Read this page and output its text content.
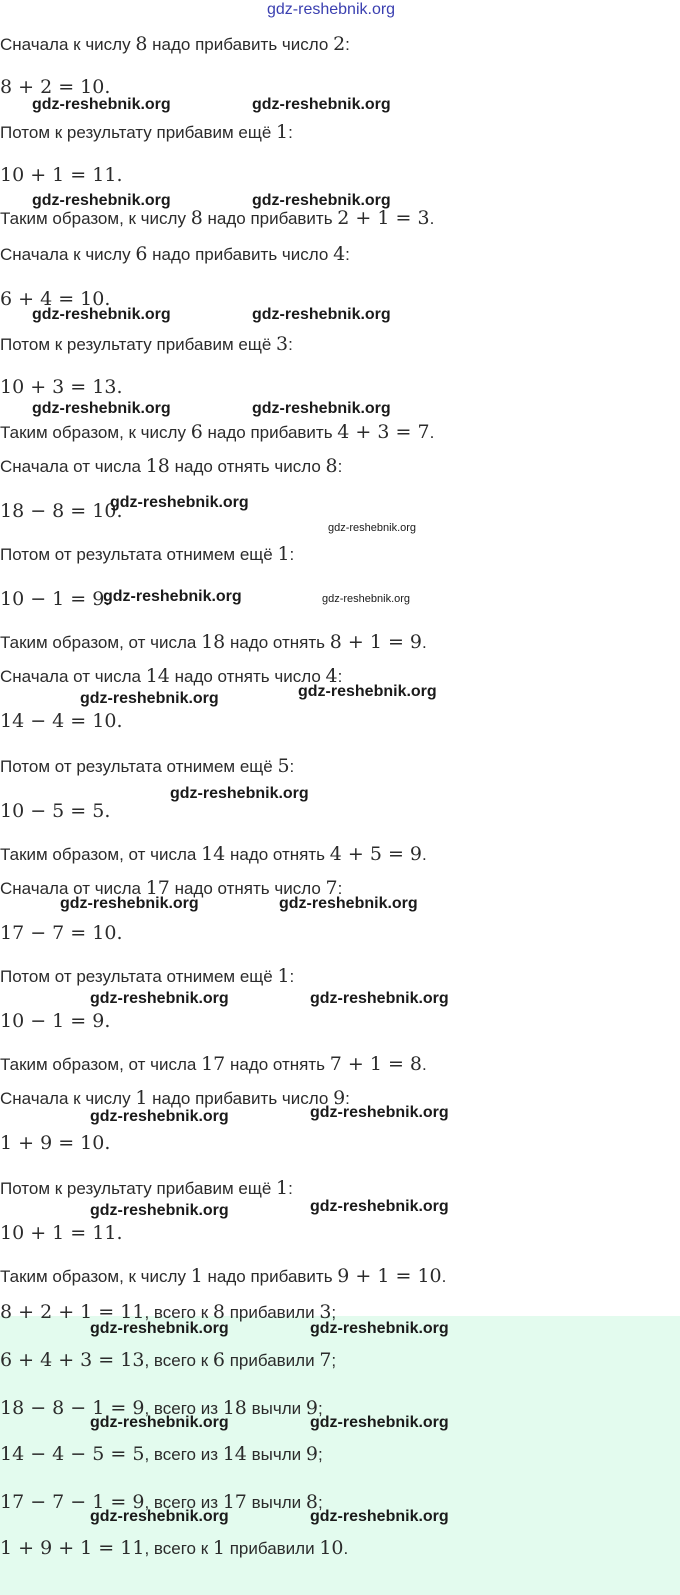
gdz-reshebnik.org
Сначала к числу 8 надо прибавить число 2:
8 + 2 = 10.
Потом к результату прибавим ещё 1:
10 + 1 = 11.
Таким образом, к числу 8 надо прибавить 2 + 1 = 3.
Сначала к числу 6 надо прибавить число 4:
6 + 4 = 10.
Потом к результату прибавим ещё 3:
10 + 3 = 13.
Таким образом, к числу 6 надо прибавить 4 + 3 = 7.
Сначала от числа 18 надо отнять число 8:
18 − 8 = 10.
Потом от результата отнимем ещё 1:
10 − 1 = 9.
Таким образом, от числа 18 надо отнять 8 + 1 = 9.
Сначала от числа 14 надо отнять число 4:
14 − 4 = 10.
Потом от результата отнимем ещё 5:
10 − 5 = 5.
Таким образом, от числа 14 надо отнять 4 + 5 = 9.
Сначала от числа 17 надо отнять число 7:
17 − 7 = 10.
Потом от результата отнимем ещё 1:
10 − 1 = 9.
Таким образом, от числа 17 надо отнять 7 + 1 = 8.
Сначала к числу 1 надо прибавить число 9:
1 + 9 = 10.
Потом к результату прибавим ещё 1:
10 + 1 = 11.
Таким образом, к числу 1 надо прибавить 9 + 1 = 10.
gdz-reshebnik.org	gdz-reshebnik.org
gdz-reshebnik.org	gdz-reshebnik.org
gdz-reshebnik.org	gdz-reshebnik.org
gdz-reshebnik.org	gdz-reshebnik.org
gdz-reshebnik.org
gdz-reshebnik.org
gdz-reshebnik.org	gdz-reshebnik.org
gdz-reshebnik.org
gdz-reshebnik.org	gdz-reshebnik.org
gdz-reshebnik.org	gdz-reshebnik.org
gdz-reshebnik.org	gdz-reshebnik.org
gdz-reshebnik.org	gdz-reshebnik.org
gdz-reshebnik.org	gdz-reshebnik.org
gdz-reshebnik.org	gdz-reshebnik.org
gdz-reshebnik.org	gdz-reshebnik.org
gdz-reshebnik.org
gdz-reshebnik.org
8 + 2 + 1 = 11, всего к 8 прибавили 3;
6 + 4 + 3 = 13, всего к 6 прибавили 7;
18 − 8 − 1 = 9, всего из 18 вычли 9;
14 − 4 − 5 = 5, всего из 14 вычли 9;
17 − 7 − 1 = 9, всего из 17 вычли 8;
1 + 9 + 1 = 11, всего к 1 прибавили 10.
